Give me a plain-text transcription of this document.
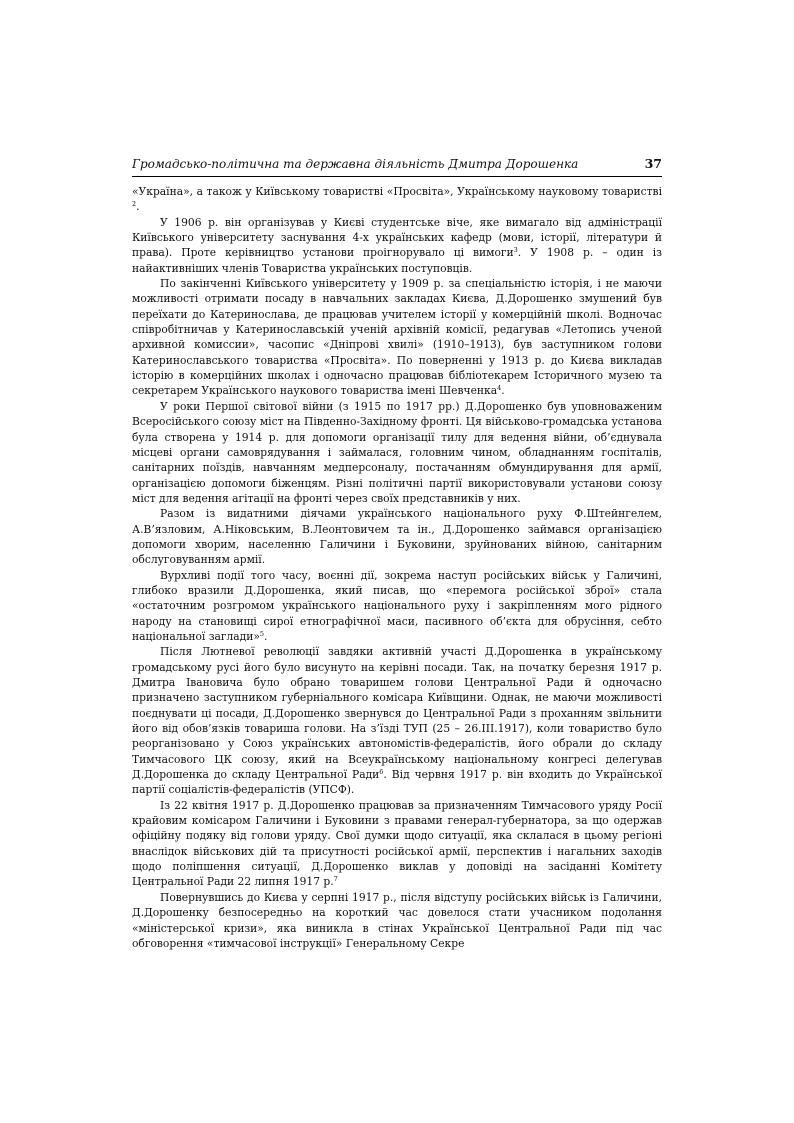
Громадсько-політична та державна діяльність Дмитра Дорошенка	37

«Україна», а також у Київському товаристві «Просвіта», Українському науковому товаристві $^2$.

У 1906 р. він організував у Києві студентське віче, яке вимагало від адміністрації Київського університету заснування 4-х українських кафедр (мови, історії, літератури й права). Проте керівництво установи проігнорувало ці вимоги$^3$. У 1908 р. – один із найактивніших членів Товариства українських поступовців.

По закінченні Київського університету у 1909 р. за спеціальністю історія, і не маючи можливості отримати посаду в навчальних закладах Києва, Д.Дорошенко змушений був переїхати до Катеринослава, де працював учителем історії у комерційній школі. Водночас співробітничав у Катеринославській ученій архівній комісії, редагував «Летопись ученой архивной комиссии», часопис «Дніпрові хвилі» (1910–1913), був заступником голови Катеринославського товариства «Просвіта». По поверненні у 1913 р. до Києва викладав історію в комерційних школах і одночасно працював бібліотекарем Історичного музею та секретарем Українського наукового товариства імені Шевченка$^4$.

У роки Першої світової війни (з 1915 по 1917 рр.) Д.Дорошенко був уповноваженим Всеросійського союзу міст на Південно-Західному фронті. Ця військово-громадська установа була створена у 1914 р. для допомоги організації тилу для ведення війни, об’єднувала місцеві органи самоврядування і займалася, головним чином, обладнанням госпіталів, санітарних поїздів, навчанням медперсоналу, постачанням обмундирування для армії, організацією допомоги біженцям. Різні політичні партії використовували установи союзу міст для ведення агітації на фронті через своїх представників у них.

Разом із видатними діячами українського національного руху Ф.Штейнгелем, А.В’язловим, А.Ніковським, В.Леонтовичем та ін., Д.Дорошенко займався організацією допомоги хворим, населенню Галичини і Буковини, зруйнованих війною, санітарним обслуговуванням армії.

Вурхливі події того часу, воєнні дії, зокрема наступ російських військ у Галичині, глибоко вразили Д.Дорошенка, який писав, що «перемога російської зброї» стала «остаточним розгромом українського національного руху і закріпленням мого рідного народу на становищі сирої етнографічної маси, пасивного об’єкта для обрусіння, себто національної заглади»$^5$.

Після Лютневої революції завдяки активній участі Д.Дорошенка в українському громадському русі його було висунуто на керівні посади. Так, на початку березня 1917 р. Дмитра Івановича було обрано товаришем голови Центральної Ради й одночасно призначено заступником губерніального комісара Київщини. Однак, не маючи можливості поєднувати ці посади, Д.Дорошенко звернувся до Центральної Ради з проханням звільнити його від обов’язків товариша голови. На з’їзді ТУП (25 – 26.ІІІ.1917), коли товариство було реорганізовано у Союз українських автономістів-федералістів, його обрали до складу Тимчасового ЦК союзу, який на Всеукраїнському національному конгресі делегував Д.Дорошенка до складу Центральної Ради$^6$. Від червня 1917 р. він входить до Української партії соціалістів-федералістів (УПСФ).

Із 22 квітня 1917 р. Д.Дорошенко працював за призначенням Тимчасового уряду Росії крайовим комісаром Галичини і Буковини з правами генерал-губернатора, за що одержав офіційну подяку від голови уряду. Свої думки щодо ситуації, яка склалася в цьому регіоні внаслідок військових дій та присутності російської армії, перспектив і нагальних заходів щодо поліпшення ситуації, Д.Дорошенко виклав у доповіді на засіданні Комітету Центральної Ради 22 липня 1917 р.$^7$

Повернувшись до Києва у серпні 1917 р., після відступу російських військ із Галичини, Д.Дорошенку безпосередньо на короткий час довелося стати учасником подолання «міністерської кризи», яка виникла в стінах Української Центральної Ради під час обговорення «тимчасової інструкції» Генеральному Секре
